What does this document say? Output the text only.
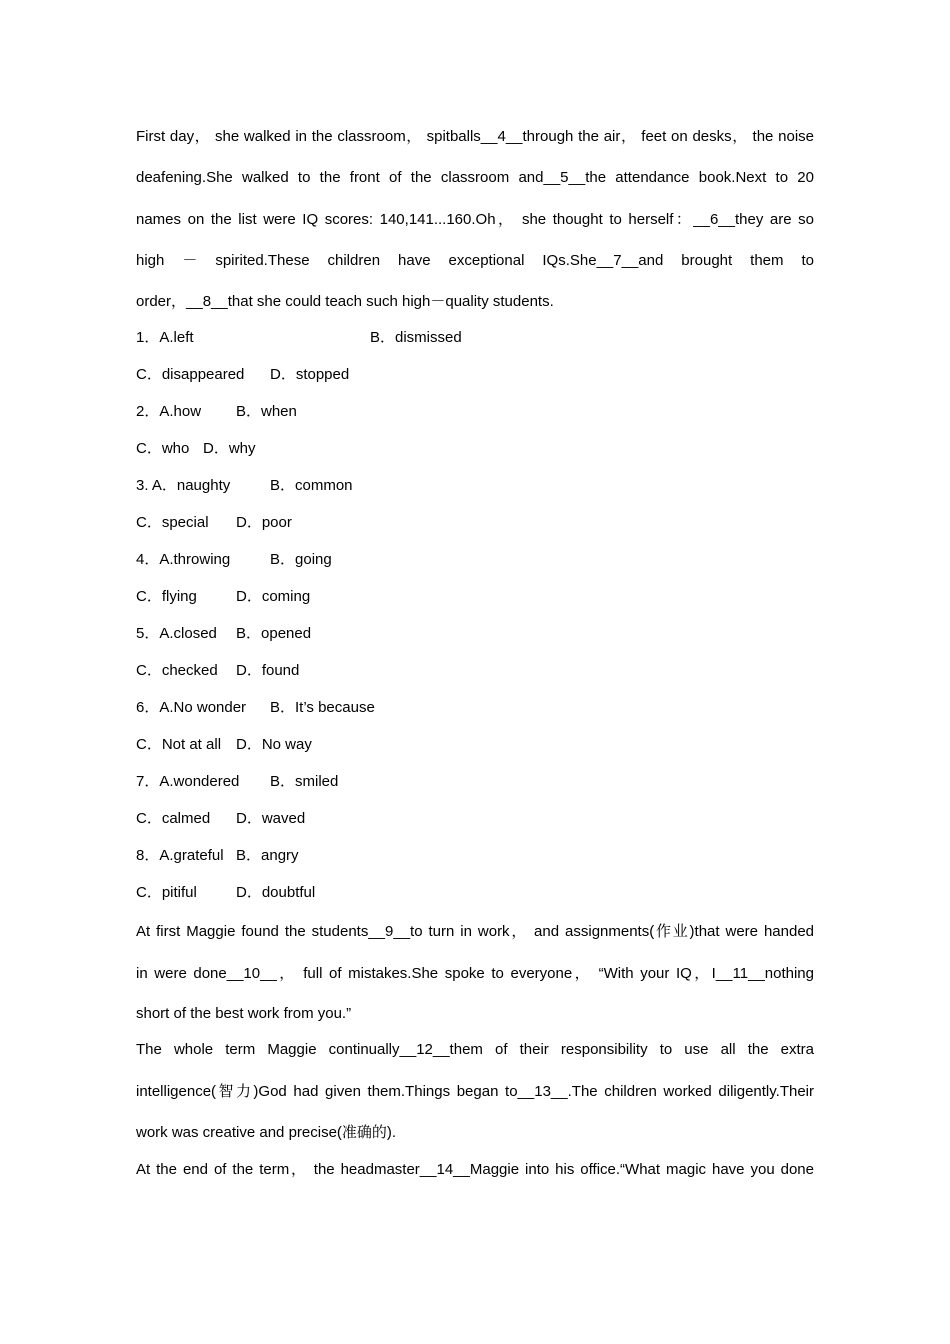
First day， she walked in the classroom， spitballs__4__through the air， feet on desks， the noise
deafening.She walked to the front of the classroom and__5__the attendance book.Next to 20
names on the list were IQ scores: 140,141...160.Oh， she thought to herself：__6__they are so
high － spirited.These children have exceptional IQs.She__7__and brought them to
order，__8__that she could teach such high－quality students.
1．A.left	B．dismissed
C．disappeared D．stopped
2．A.how B．when
C．who D．why
3. A．naughty	B．common
C．special D．poor
4．A.throwing	B．going
C．flying	D．coming
5．A.closed B．opened
C．checked D．found
6．A.No wonder B．It’s because
C．Not at all D．No way
7．A.wondered B．smiled
C．calmed D．waved
8．A.grateful B．angry
C．pitiful	D．doubtful
At first Maggie found the students__9__to turn in work， and assignments(作业)that were handed
in were done__10__， full of mistakes.She spoke to everyone， “With your IQ，I__11__nothing
short of the best work from you.”
The whole term Maggie continually__12__them of their responsibility to use all the extra
intelligence(智力)God had given them.Things began to__13__.The children worked diligently.Their
work was creative and precise(准确的).
At the end of the term， the headmaster__14__Maggie into his office.“What magic have you done
